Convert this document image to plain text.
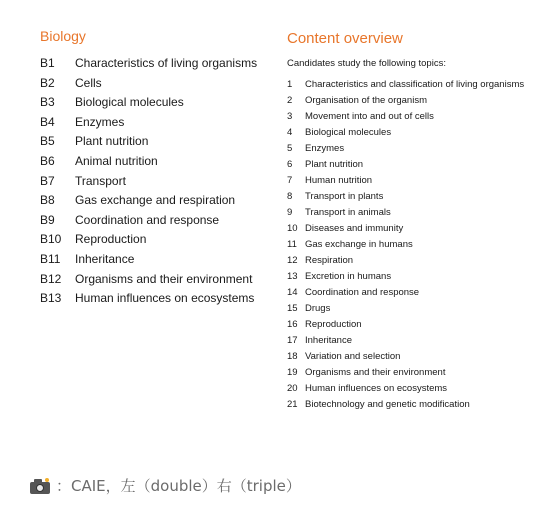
Biology
B1	Characteristics of living organisms
B2	Cells
B3	Biological molecules
B4	Enzymes
B5	Plant nutrition
B6	Animal nutrition
B7	Transport
B8	Gas exchange and respiration
B9	Coordination and response
B10	Reproduction
B11	Inheritance
B12	Organisms and their environment
B13	Human influences on ecosystems
Content overview

Candidates study the following topics:

1	Characteristics and classification of living organisms
2	Organisation of the organism
3	Movement into and out of cells
4	Biological molecules
5	Enzymes
6	Plant nutrition
7	Human nutrition
8	Transport in plants
9	Transport in animals
10 Diseases and immunity
11 Gas exchange in humans
12 Respiration
13 Excretion in humans
14 Coordination and response
15 Drugs
16 Reproduction
17 Inheritance
18 Variation and selection
19 Organisms and their environment
20 Human influences on ecosystems
21 Biotechnology and genetic modification
：CAIE，左（double）右（triple）
